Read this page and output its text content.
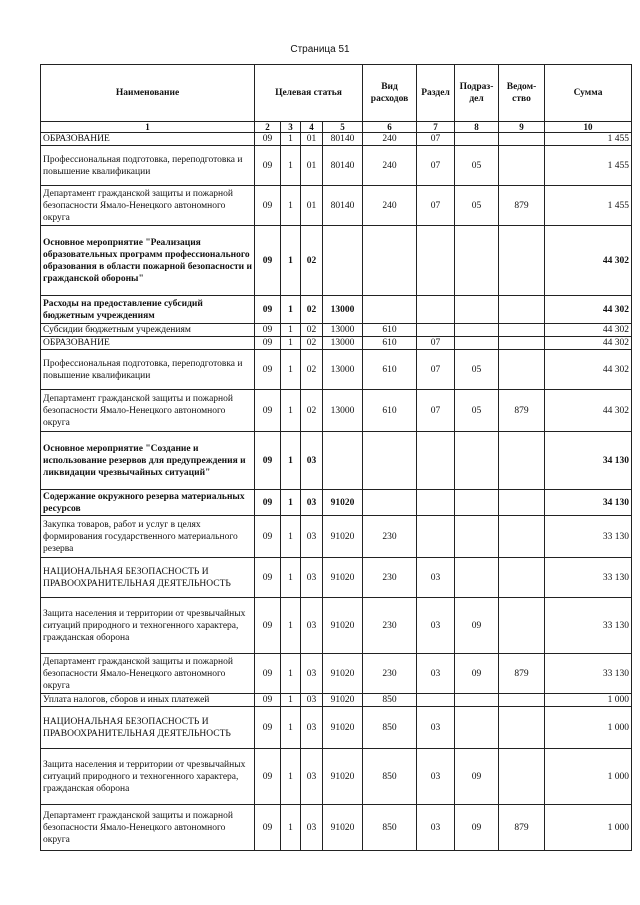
Страница 51
Наименование	Целевая статья				Вид расходов	Раздел	Подраз-дел	Ведом-ство	Сумма
1	2	3	4	5	6	7	8	9	10
ОБРАЗОВАНИЕ	09	1	01	80140	240	07			1 455
Профессиональная подготовка, переподготовка и повышение квалификации	09	1	01	80140	240	07	05		1 455
Департамент гражданской защиты и пожарной безопасности Ямало-Ненецкого автономного округа	09	1	01	80140	240	07	05	879	1 455
Основное мероприятие "Реализация образовательных программ профессионального образования в области пожарной безопасности и гражданской обороны"	09	1	02						44 302
Расходы на предоставление субсидий бюджетным учреждениям	09	1	02	13000					44 302
Субсидии бюджетным учреждениям	09	1	02	13000	610				44 302
ОБРАЗОВАНИЕ	09	1	02	13000	610	07			44 302
Профессиональная подготовка, переподготовка и повышение квалификации	09	1	02	13000	610	07	05		44 302
Департамент гражданской защиты и пожарной безопасности Ямало-Ненецкого автономного округа	09	1	02	13000	610	07	05	879	44 302
Основное мероприятие "Создание и использование резервов для предупреждения и ликвидации чрезвычайных ситуаций"	09	1	03						34 130
Содержание окружного резерва материальных ресурсов	09	1	03	91020					34 130
Закупка товаров, работ и услуг в целях формирования государственного материального резерва	09	1	03	91020	230				33 130
НАЦИОНАЛЬНАЯ БЕЗОПАСНОСТЬ И ПРАВООХРАНИТЕЛЬНАЯ ДЕЯТЕЛЬНОСТЬ	09	1	03	91020	230	03			33 130
Защита населения и территории от чрезвычайных ситуаций природного и техногенного характера, гражданская оборона	09	1	03	91020	230	03	09		33 130
Департамент гражданской защиты и пожарной безопасности Ямало-Ненецкого автономного округа	09	1	03	91020	230	03	09	879	33 130
Уплата налогов, сборов и иных платежей	09	1	03	91020	850				1 000
НАЦИОНАЛЬНАЯ БЕЗОПАСНОСТЬ И ПРАВООХРАНИТЕЛЬНАЯ ДЕЯТЕЛЬНОСТЬ	09	1	03	91020	850	03			1 000
Защита населения и территории от чрезвычайных ситуаций природного и техногенного характера, гражданская оборона	09	1	03	91020	850	03	09		1 000
Департамент гражданской защиты и пожарной безопасности Ямало-Ненецкого автономного округа	09	1	03	91020	850	03	09	879	1 000
